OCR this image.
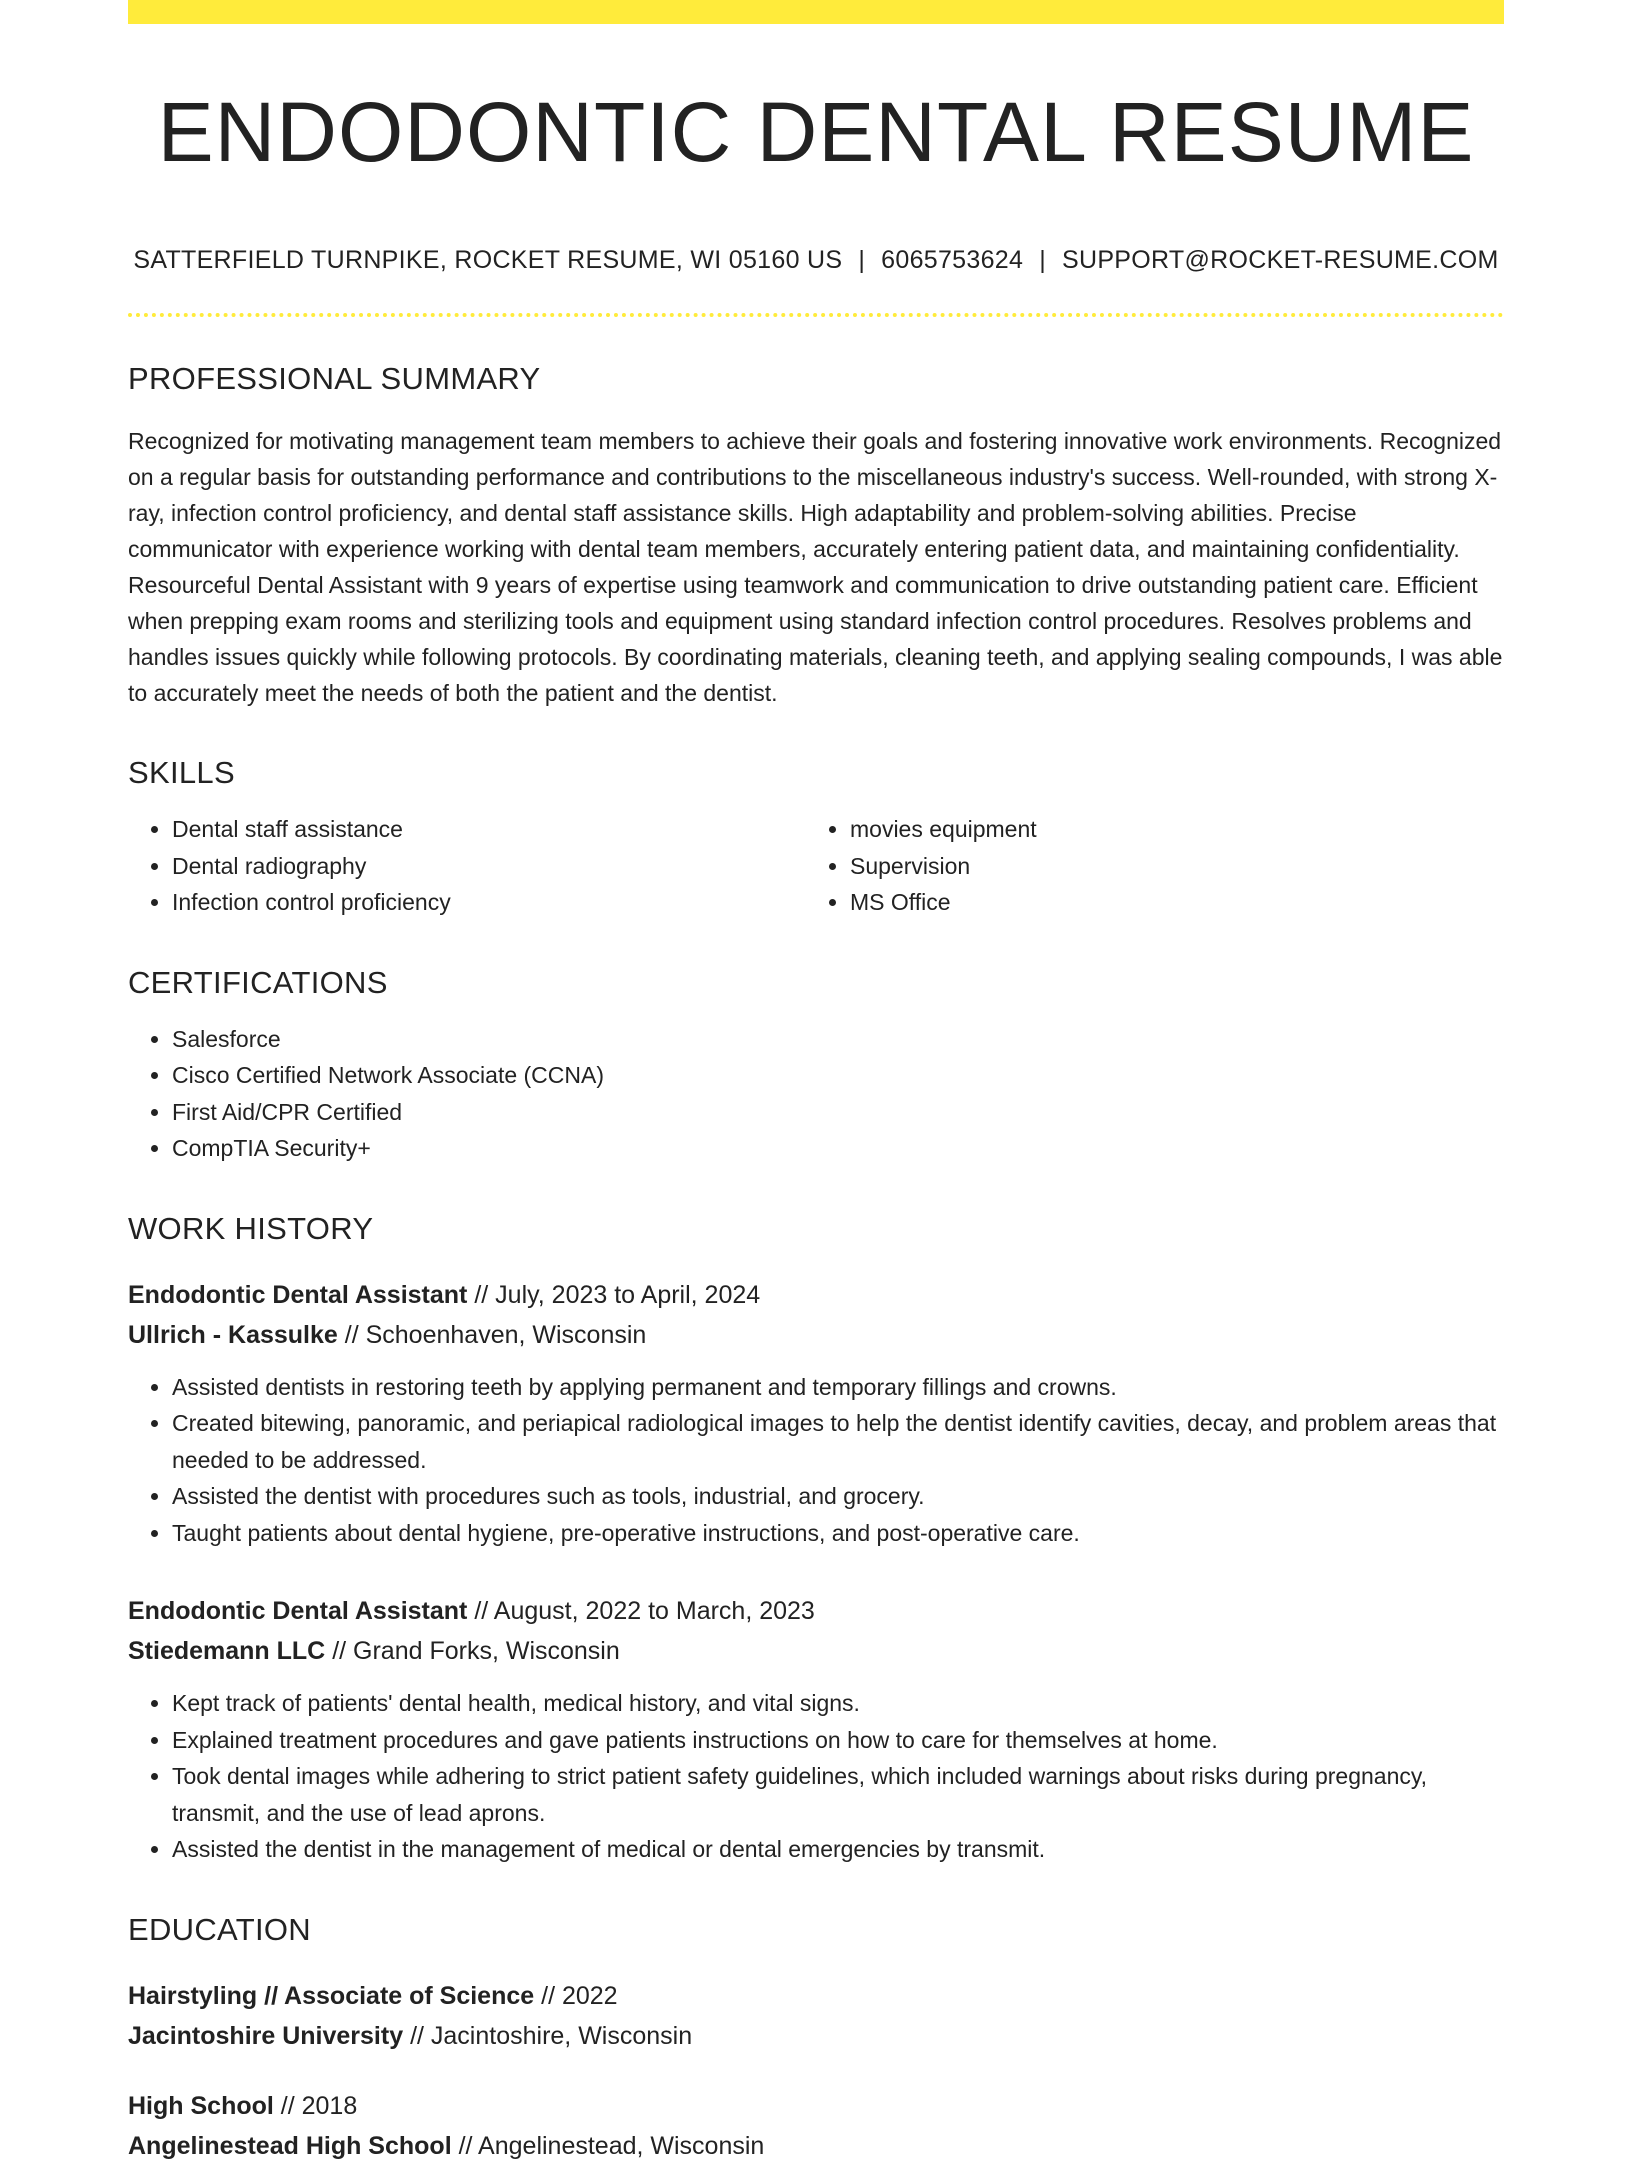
ENDODONTIC DENTAL RESUME
SATTERFIELD TURNPIKE, ROCKET RESUME, WI 05160 US | 6065753624 | SUPPORT@ROCKET-RESUME.COM
PROFESSIONAL SUMMARY
Recognized for motivating management team members to achieve their goals and fostering innovative work environments. Recognized on a regular basis for outstanding performance and contributions to the miscellaneous industry's success. Well-rounded, with strong X-ray, infection control proficiency, and dental staff assistance skills. High adaptability and problem-solving abilities. Precise communicator with experience working with dental team members, accurately entering patient data, and maintaining confidentiality. Resourceful Dental Assistant with 9 years of expertise using teamwork and communication to drive outstanding patient care. Efficient when prepping exam rooms and sterilizing tools and equipment using standard infection control procedures. Resolves problems and handles issues quickly while following protocols. By coordinating materials, cleaning teeth, and applying sealing compounds, I was able to accurately meet the needs of both the patient and the dentist.
SKILLS
• Dental staff assistance
• Dental radiography
• Infection control proficiency
• movies equipment
• Supervision
• MS Office
CERTIFICATIONS
• Salesforce
• Cisco Certified Network Associate (CCNA)
• First Aid/CPR Certified
• CompTIA Security+
WORK HISTORY
Endodontic Dental Assistant // July, 2023 to April, 2024
Ullrich - Kassulke // Schoenhaven, Wisconsin
• Assisted dentists in restoring teeth by applying permanent and temporary fillings and crowns.
• Created bitewing, panoramic, and periapical radiological images to help the dentist identify cavities, decay, and problem areas that needed to be addressed.
• Assisted the dentist with procedures such as tools, industrial, and grocery.
• Taught patients about dental hygiene, pre-operative instructions, and post-operative care.
Endodontic Dental Assistant // August, 2022 to March, 2023
Stiedemann LLC // Grand Forks, Wisconsin
• Kept track of patients' dental health, medical history, and vital signs.
• Explained treatment procedures and gave patients instructions on how to care for themselves at home.
• Took dental images while adhering to strict patient safety guidelines, which included warnings about risks during pregnancy, transmit, and the use of lead aprons.
• Assisted the dentist in the management of medical or dental emergencies by transmit.
EDUCATION
Hairstyling // Associate of Science // 2022
Jacintoshire University // Jacintoshire, Wisconsin
High School // 2018
Angelinestead High School // Angelinestead, Wisconsin
